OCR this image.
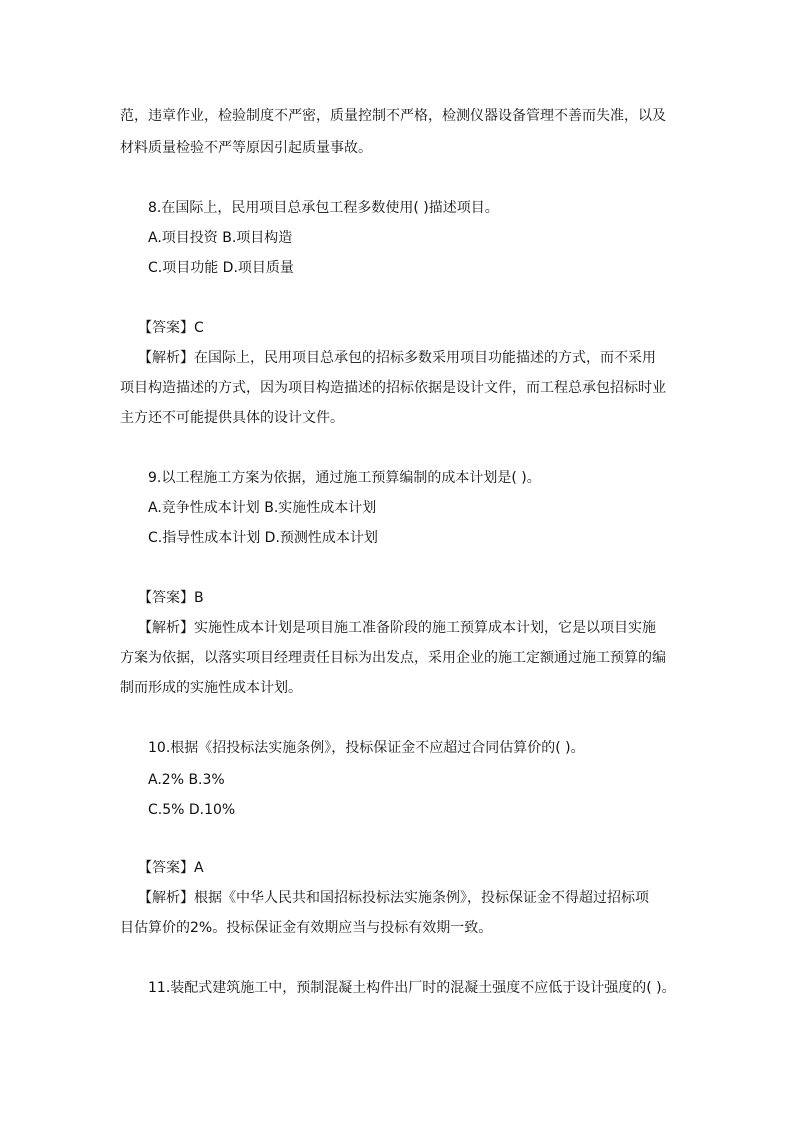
范，违章作业，检验制度不严密，质量控制不严格，检测仪器设备管理不善而失准，以及
材料质量检验不严等原因引起质量事故。
8.在国际上，民用项目总承包工程多数使用( )描述项目。
A.项目投资 B.项目构造
C.项目功能 D.项目质量
【答案】C
【解析】在国际上，民用项目总承包的招标多数采用项目功能描述的方式，而不采用
项目构造描述的方式，因为项目构造描述的招标依据是设计文件，而工程总承包招标时业
主方还不可能提供具体的设计文件。
9.以工程施工方案为依据，通过施工预算编制的成本计划是( )。
A.竞争性成本计划 B.实施性成本计划
C.指导性成本计划 D.预测性成本计划
【答案】B
【解析】实施性成本计划是项目施工准备阶段的施工预算成本计划，它是以项目实施
方案为依据，以落实项目经理责任目标为出发点，采用企业的施工定额通过施工预算的编
制而形成的实施性成本计划。
10.根据《招投标法实施条例》，投标保证金不应超过合同估算价的( )。
A.2% B.3%
C.5% D.10%
【答案】A
【解析】根据《中华人民共和国招标投标法实施条例》，投标保证金不得超过招标项
目估算价的2%。投标保证金有效期应当与投标有效期一致。
11.装配式建筑施工中，预制混凝土构件出厂时的混凝土强度不应低于设计强度的( )。
